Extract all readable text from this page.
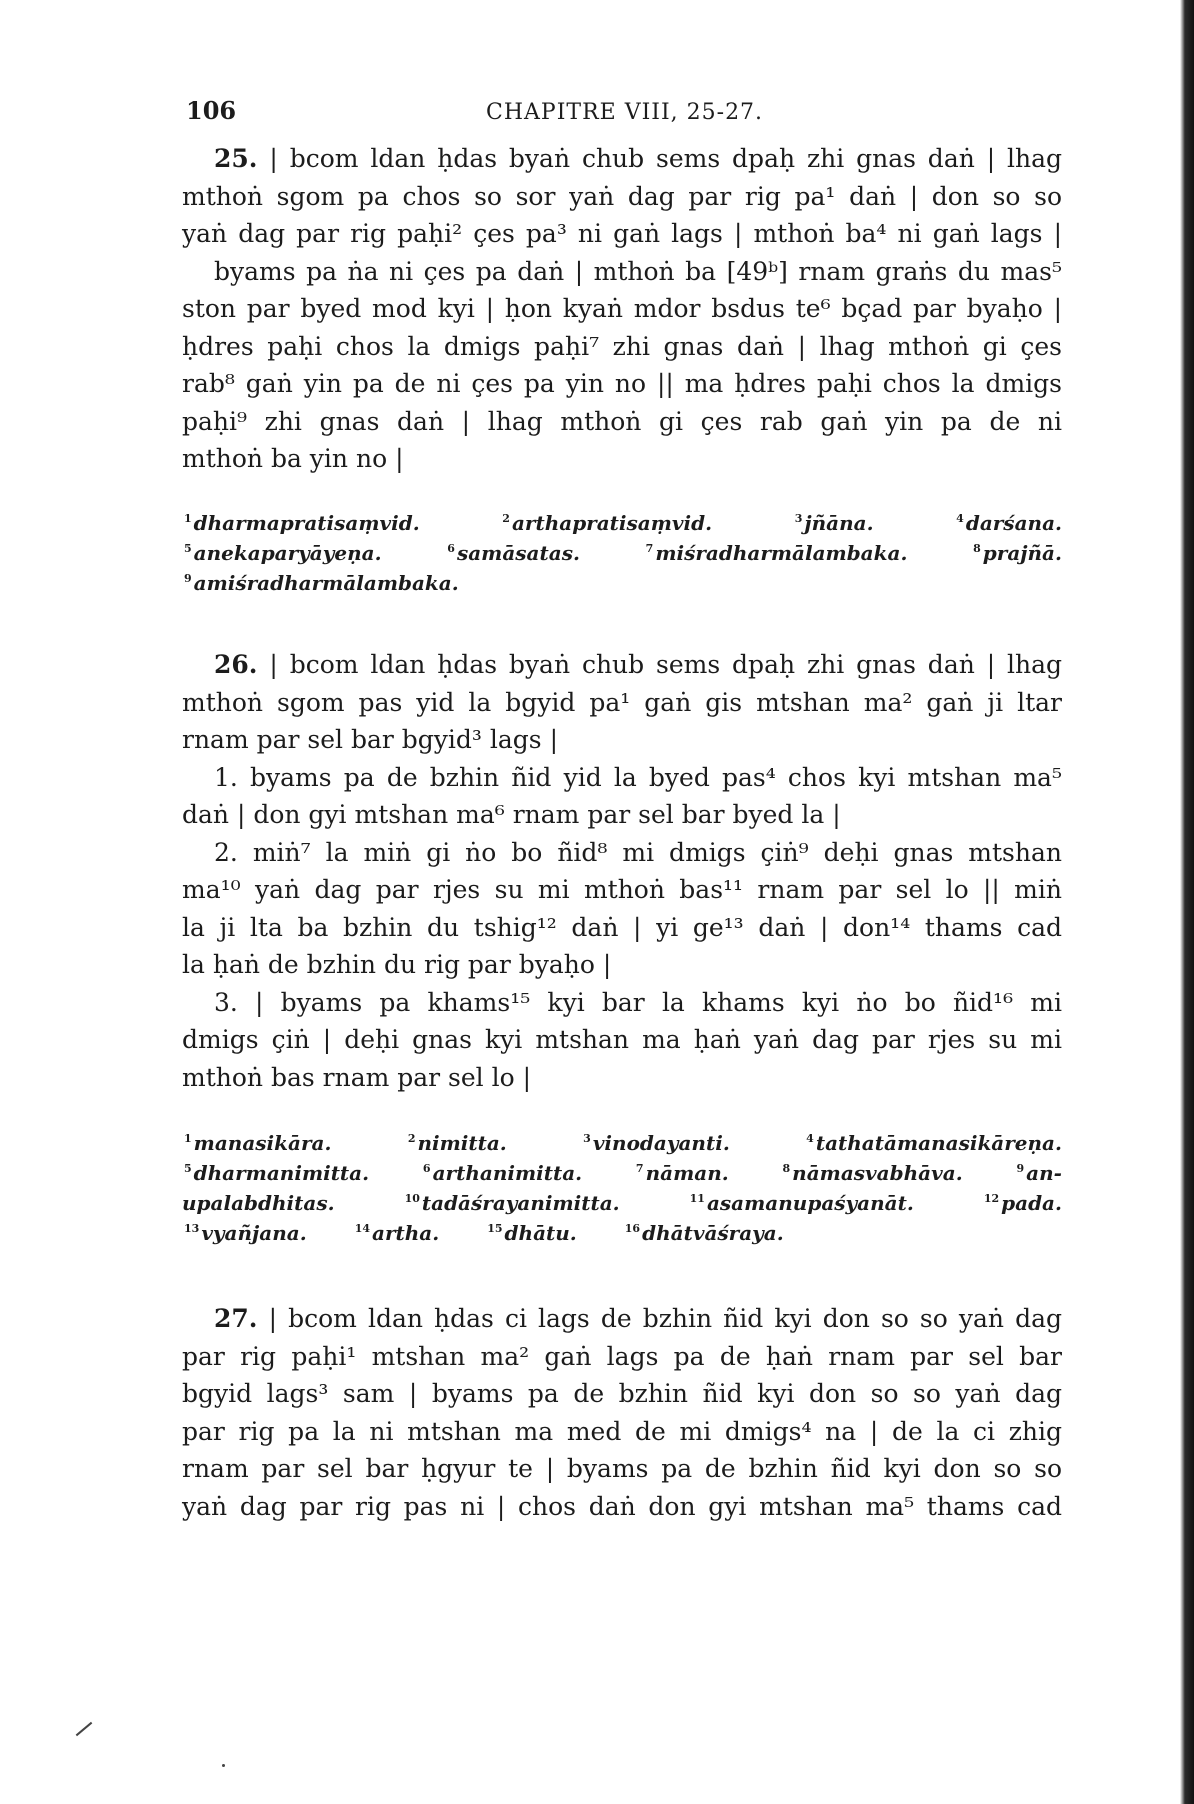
106	CHAPITRE VIII, 25-27.
25. | bcom ldan ḥdas byaṅ chub sems dpaḥ zhi gnas daṅ | lhag
mthoṅ sgom pa chos so sor yaṅ dag par rig pa¹ daṅ | don so so
yaṅ dag par rig paḥi² çes pa³ ni gaṅ lags | mthoṅ ba⁴ ni gaṅ lags |
byams pa ṅa ni çes pa daṅ | mthoṅ ba [49ᵇ] rnam graṅs du mas⁵
ston par byed mod kyi | ḥon kyaṅ mdor bsdus te⁶ bçad par byaḥo |
ḥdres paḥi chos la dmigs paḥi⁷ zhi gnas daṅ | lhag mthoṅ gi çes
rab⁸ gaṅ yin pa de ni çes pa yin no || ma ḥdres paḥi chos la dmigs
paḥi⁹ zhi gnas daṅ | lhag mthoṅ gi çes rab gaṅ yin pa de ni
mthoṅ ba yin no |
$^1$ dharmapratisaṃvid.	$^2$ arthapratisaṃvid.	$^3$ jñāna.	$^4$ darśana.
$^5$ anekaparyāyeṇa.	$^6$ samāsatas.	$^7$ miśradharmālambaka.	$^8$ prajñā.
$^9$ amiśradharmālambaka.
26. | bcom ldan ḥdas byaṅ chub sems dpaḥ zhi gnas daṅ | lhag
mthoṅ sgom pas yid la bgyid pa¹ gaṅ gis mtshan ma² gaṅ ji ltar
rnam par sel bar bgyid³ lags |
1. byams pa de bzhin ñid yid la byed pas⁴ chos kyi mtshan ma⁵
daṅ | don gyi mtshan ma⁶ rnam par sel bar byed la |
2. miṅ⁷ la miṅ gi ṅo bo ñid⁸ mi dmigs çiṅ⁹ deḥi gnas mtshan
ma¹⁰ yaṅ dag par rjes su mi mthoṅ bas¹¹ rnam par sel lo || miṅ
la ji lta ba bzhin du tshig¹² daṅ | yi ge¹³ daṅ | don¹⁴ thams cad
la ḥaṅ de bzhin du rig par byaḥo |
3. | byams pa khams¹⁵ kyi bar la khams kyi ṅo bo ñid¹⁶ mi
dmigs çiṅ | deḥi gnas kyi mtshan ma ḥaṅ yaṅ dag par rjes su mi
mthoṅ bas rnam par sel lo |
$^1$ manasikāra.	$^2$ nimitta.	$^3$ vinodayanti.	$^4$ tathatāmanasikāreṇa.
$^5$ dharmanimitta.	$^6$ arthanimitta.	$^7$ nāman.	$^8$ nāmasvabhāva.	$^9$ an-
upalabdhitas.	$^{10}$ tadāśrayanimitta.	$^{11}$ asamanupaśyanāt.	$^{12}$ pada.
$^{13}$ vyañjana.	$^{14}$ artha.	$^{15}$ dhātu.	$^{16}$ dhātvāśraya.
27. | bcom ldan ḥdas ci lags de bzhin ñid kyi don so so yaṅ dag
par rig paḥi¹ mtshan ma² gaṅ lags pa de ḥaṅ rnam par sel bar
bgyid lags³ sam | byams pa de bzhin ñid kyi don so so yaṅ dag
par rig pa la ni mtshan ma med de mi dmigs⁴ na | de la ci zhig
rnam par sel bar ḥgyur te | byams pa de bzhin ñid kyi don so so
yaṅ dag par rig pas ni | chos daṅ don gyi mtshan ma⁵ thams cad
